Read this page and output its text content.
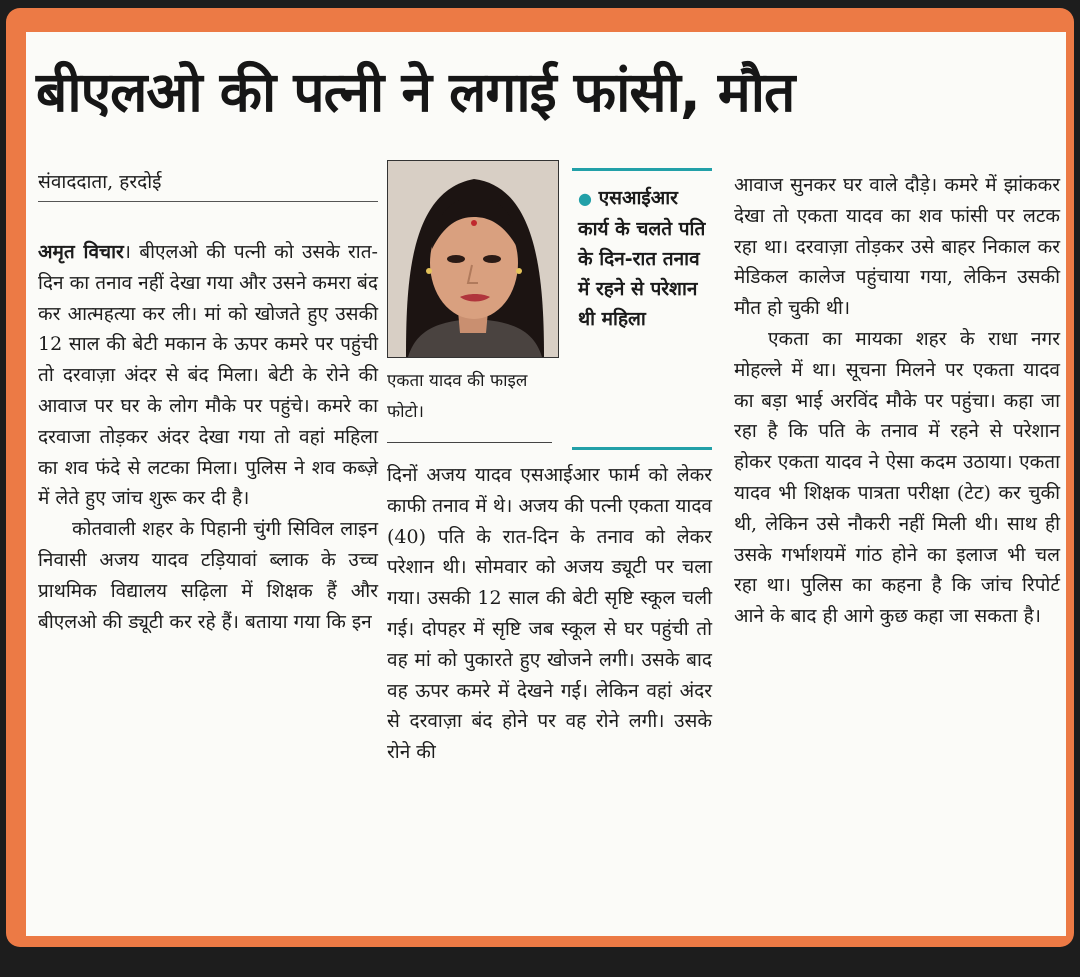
बीएलओ की पत्नी ने लगाई फांसी, मौत
संवाददाता, हरदोई

अमृत विचार। बीएलओ की पत्नी को उसके रात-दिन का तनाव नहीं देखा गया और उसने कमरा बंद कर आत्महत्या कर ली। मां को खोजते हुए उसकी 12 साल की बेटी मकान के ऊपर कमरे पर पहुंची तो दरवाज़ा अंदर से बंद मिला। बेटी के रोने की आवाज पर घर के लोग मौके पर पहुंचे। कमरे का दरवाजा तोड़कर अंदर देखा गया तो वहां महिला का शव फंदे से लटका मिला। पुलिस ने शव कब्ज़े में लेते हुए जांच शुरू कर दी है।

कोतवाली शहर के पिहानी चुंगी सिविल लाइन निवासी अजय यादव टड़ियावां ब्लाक के उच्च प्राथमिक विद्यालय सढ़िला में शिक्षक हैं और बीएलओ की ड्यूटी कर रहे हैं। बताया गया कि इन

एकता यादव की फाइल फोटो।
● एसआईआर कार्य के चलते पति के दिन-रात तनाव में रहने से परेशान थी महिला

दिनों अजय यादव एसआईआर फार्म को लेकर काफी तनाव में थे। अजय की पत्नी एकता यादव (40) पति के रात-दिन के तनाव को लेकर परेशान थी। सोमवार को अजय ड्यूटी पर चला गया। उसकी 12 साल की बेटी सृष्टि स्कूल चली गई। दोपहर में सृष्टि जब स्कूल से घर पहुंची तो वह मां को पुकारते हुए खोजने लगी। उसके बाद वह ऊपर कमरे में देखने गई। लेकिन वहां अंदर से दरवाज़ा बंद होने पर वह रोने लगी। उसके रोने की

आवाज सुनकर घर वाले दौड़े। कमरे में झांककर देखा तो एकता यादव का शव फांसी पर लटक रहा था। दरवाज़ा तोड़कर उसे बाहर निकाल कर मेडिकल कालेज पहुंचाया गया, लेकिन उसकी मौत हो चुकी थी।

एकता का मायका शहर के राधा नगर मोहल्ले में था। सूचना मिलने पर एकता यादव का बड़ा भाई अरविंद मौके पर पहुंचा। कहा जा रहा है कि पति के तनाव में रहने से परेशान होकर एकता यादव ने ऐसा कदम उठाया। एकता यादव भी शिक्षक पात्रता परीक्षा (टेट) कर चुकी थी, लेकिन उसे नौकरी नहीं मिली थी। साथ ही उसके गर्भाशयमें गांठ होने का इलाज भी चल रहा था। पुलिस का कहना है कि जांच रिपोर्ट आने के बाद ही आगे कुछ कहा जा सकता है।
